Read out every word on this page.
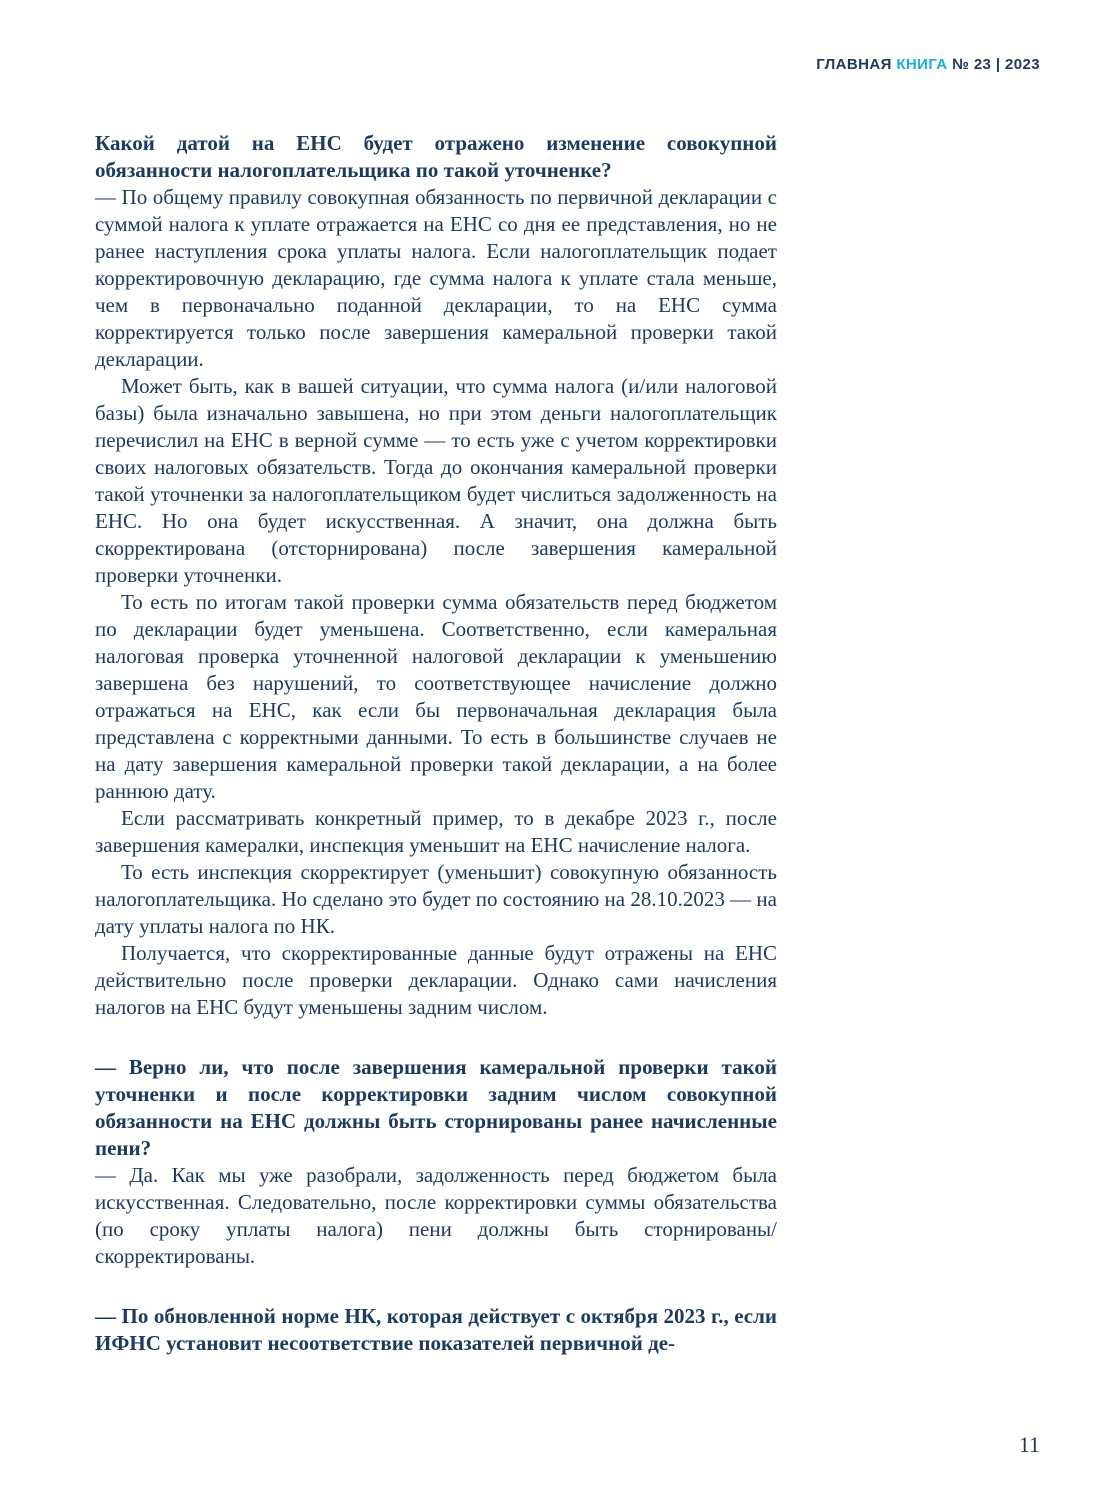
ГЛАВНАЯ КНИГА № 23 | 2023

Какой датой на ЕНС будет отражено изменение совокупной обязанности налогоплательщика по такой уточненке?

— По общему правилу совокупная обязанность по первичной декларации с суммой налога к уплате отражается на ЕНС со дня ее представления, но не ранее наступления срока уплаты налога. Если налогоплательщик подает корректировочную декларацию, где сумма налога к уплате стала меньше, чем в первоначально поданной декларации, то на ЕНС сумма корректируется только после завершения камеральной проверки такой декларации.

Может быть, как в вашей ситуации, что сумма налога (и/или налоговой базы) была изначально завышена, но при этом деньги налогоплательщик перечислил на ЕНС в верной сумме — то есть уже с учетом корректировки своих налоговых обязательств. Тогда до окончания камеральной проверки такой уточненки за налогоплательщиком будет числиться задолженность на ЕНС. Но она будет искусственная. А значит, она должна быть скорректирована (отсторнирована) после завершения камеральной проверки уточненки.

То есть по итогам такой проверки сумма обязательств перед бюджетом по декларации будет уменьшена. Соответственно, если камеральная налоговая проверка уточненной налоговой декларации к уменьшению завершена без нарушений, то соответствующее начисление должно отражаться на ЕНС, как если бы первоначальная декларация была представлена с корректными данными. То есть в большинстве случаев не на дату завершения камеральной проверки такой декларации, а на более раннюю дату.

Если рассматривать конкретный пример, то в декабре 2023 г., после завершения камералки, инспекция уменьшит на ЕНС начисление налога.

То есть инспекция скорректирует (уменьшит) совокупную обязанность налогоплательщика. Но сделано это будет по состоянию на 28.10.2023 — на дату уплаты налога по НК.

Получается, что скорректированные данные будут отражены на ЕНС действительно после проверки декларации. Однако сами начисления налогов на ЕНС будут уменьшены задним числом.

— Верно ли, что после завершения камеральной проверки такой уточненки и после корректировки задним числом совокупной обязанности на ЕНС должны быть сторнированы ранее начисленные пени?

— Да. Как мы уже разобрали, задолженность перед бюджетом была искусственная. Следовательно, после корректировки суммы обязательства (по сроку уплаты налога) пени должны быть сторнированы/скорректированы.

— По обновленной норме НК, которая действует с октября 2023 г., если ИФНС установит несоответствие показателей первичной де-

11
